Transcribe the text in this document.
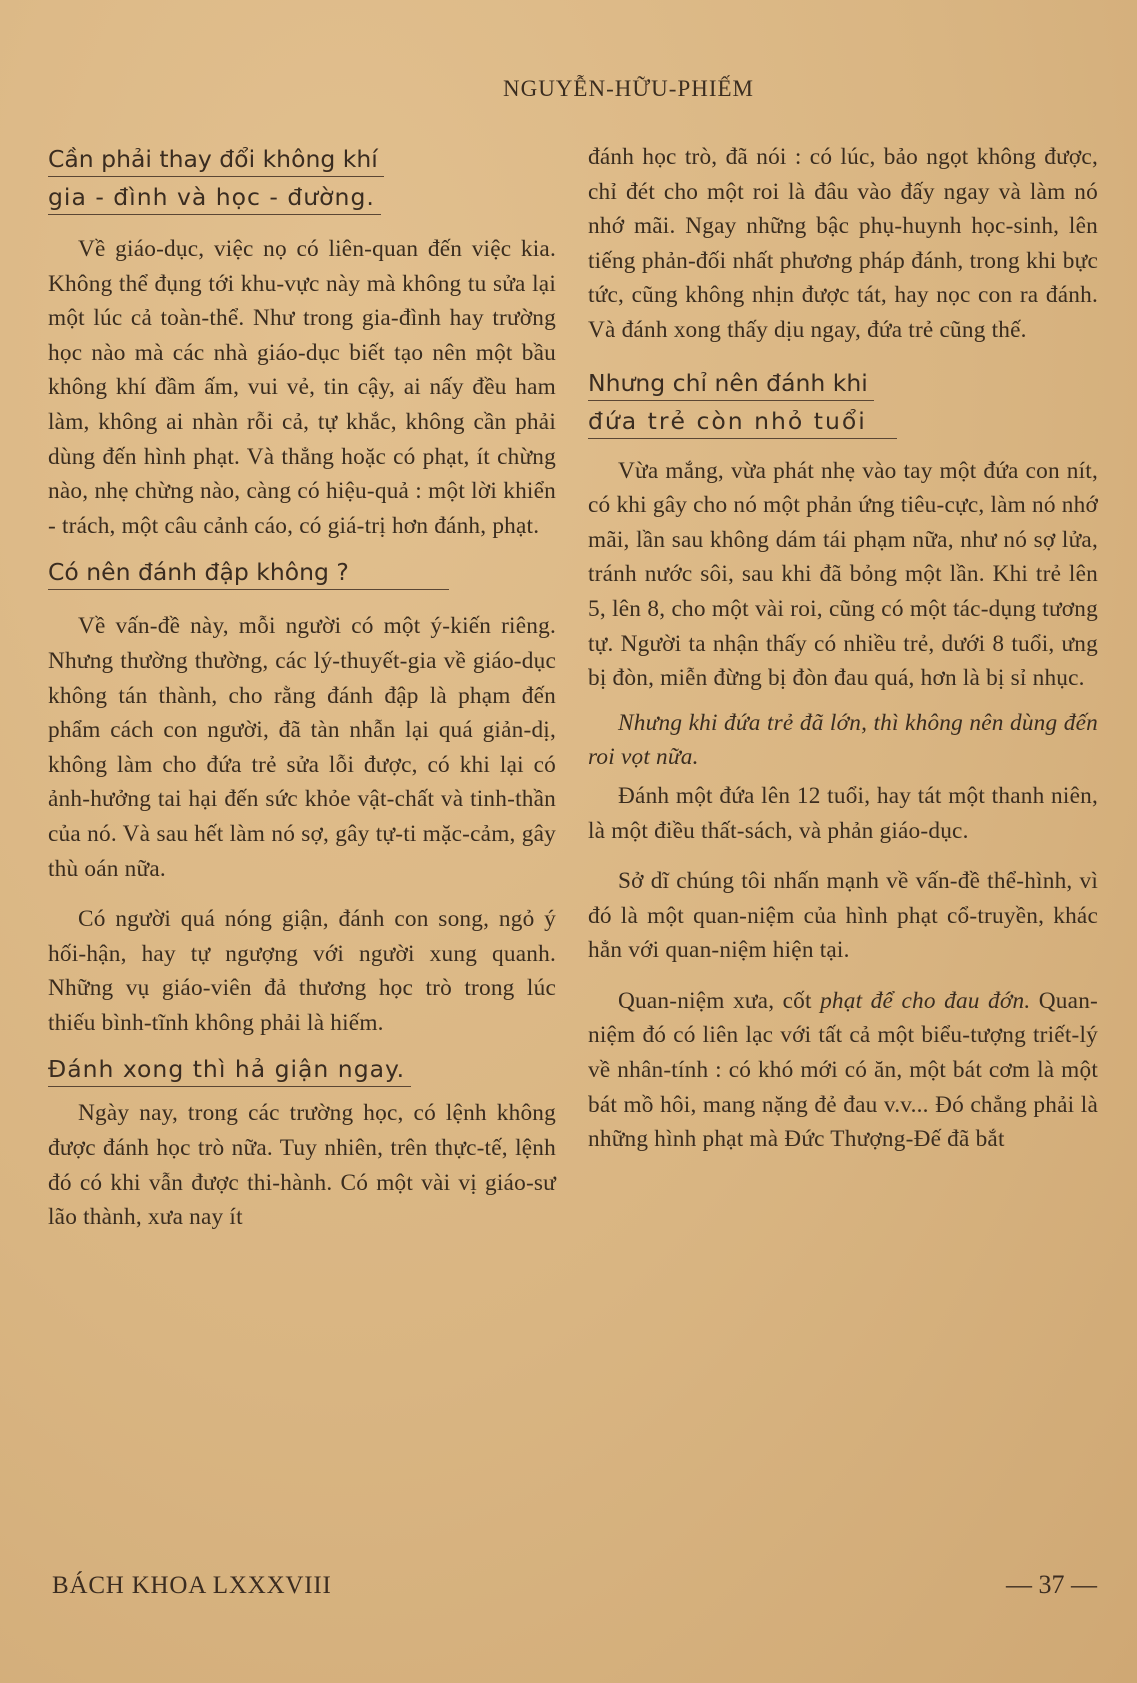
NGUYỄN-HỮU-PHIẾM
Cần phải thay đổi không khí
gia - đình và học - đường.

Về giáo-dục, việc nọ có liên-quan đến việc kia. Không thể đụng tới khu-vực này mà không tu sửa lại một lúc cả toàn-thể. Như trong gia-đình hay trường học nào mà các nhà giáo-dục biết tạo nên một bầu không khí đầm ấm, vui vẻ, tin cậy, ai nấy đều ham làm, không ai nhàn rỗi cả, tự khắc, không cần phải dùng đến hình phạt. Và thẳng hoặc có phạt, ít chừng nào, nhẹ chừng nào, càng có hiệu-quả : một lời khiển - trách, một câu cảnh cáo, có giá-trị hơn đánh, phạt.

Có nên đánh đập không ?

Về vấn-đề này, mỗi người có một ý-kiến riêng. Nhưng thường thường, các lý-thuyết-gia về giáo-dục không tán thành, cho rằng đánh đập là phạm đến phẩm cách con người, đã tàn nhẫn lại quá giản-dị, không làm cho đứa trẻ sửa lỗi được, có khi lại có ảnh-hưởng tai hại đến sức khỏe vật-chất và tinh-thần của nó. Và sau hết làm nó sợ, gây tự-ti mặc-cảm, gây thù oán nữa.

Có người quá nóng giận, đánh con song, ngỏ ý hối-hận, hay tự ngượng với người xung quanh. Những vụ giáo-viên đả thương học trò trong lúc thiếu bình-tĩnh không phải là hiếm.

Đánh xong thì hả giận ngay.

Ngày nay, trong các trường học, có lệnh không được đánh học trò nữa. Tuy nhiên, trên thực-tế, lệnh đó có khi vẫn được thi-hành. Có một vài vị giáo-sư lão thành, xưa nay ít

đánh học trò, đã nói : có lúc, bảo ngọt không được, chỉ đét cho một roi là đâu vào đấy ngay và làm nó nhớ mãi. Ngay những bậc phụ-huynh học-sinh, lên tiếng phản-đối nhất phương pháp đánh, trong khi bực tức, cũng không nhịn được tát, hay nọc con ra đánh. Và đánh xong thấy dịu ngay, đứa trẻ cũng thế.

Nhưng chỉ nên đánh khi
đứa trẻ còn nhỏ tuổi

Vừa mắng, vừa phát nhẹ vào tay một đứa con nít, có khi gây cho nó một phản ứng tiêu-cực, làm nó nhớ mãi, lần sau không dám tái phạm nữa, như nó sợ lửa, tránh nước sôi, sau khi đã bỏng một lần. Khi trẻ lên 5, lên 8, cho một vài roi, cũng có một tác-dụng tương tự. Người ta nhận thấy có nhiều trẻ, dưới 8 tuổi, ưng bị đòn, miễn đừng bị đòn đau quá, hơn là bị sỉ nhục.

Nhưng khi đứa trẻ đã lớn, thì không nên dùng đến roi vọt nữa.

Đánh một đứa lên 12 tuổi, hay tát một thanh niên, là một điều thất-sách, và phản giáo-dục.

Sở dĩ chúng tôi nhấn mạnh về vấn-đề thể-hình, vì đó là một quan-niệm của hình phạt cổ-truyền, khác hẳn với quan-niệm hiện tại.

Quan-niệm xưa, cốt phạt để cho đau đớn. Quan-niệm đó có liên lạc với tất cả một biểu-tượng triết-lý về nhân-tính : có khó mới có ăn, một bát cơm là một bát mồ hôi, mang nặng đẻ đau v.v... Đó chẳng phải là những hình phạt mà Đức Thượng-Đế đã bắt

BÁCH KHOA LXXXVIII	— 37 —
